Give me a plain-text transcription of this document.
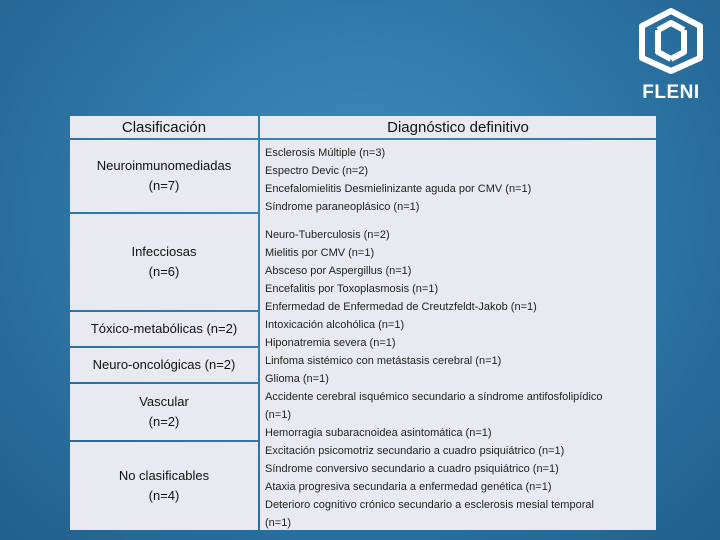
FLENI
Clasificación	Diagnóstico definitivo
Neuroinmunomediadas
(n=7)
Infecciosas
(n=6)
Tóxico-metabólicas (n=2)
Neuro-oncológicas (n=2)
Vascular
(n=2)
No clasificables
(n=4)
Esclerosis Múltiple (n=3)
Espectro Devic (n=2)
Encefalomielitis Desmielinizante aguda por CMV (n=1)
Síndrome paraneoplásico (n=1)
Neuro-Tuberculosis (n=2)
Mielitis por CMV (n=1)
Absceso por Aspergillus (n=1)
Encefalitis por Toxoplasmosis (n=1)
Enfermedad de Enfermedad de Creutzfeldt-Jakob (n=1)
Intoxicación alcohólica (n=1)
Hiponatremia severa (n=1)
Linfoma sistémico con metástasis cerebral (n=1)
Glioma (n=1)
Accidente cerebral isquémico secundario a síndrome antifosfolipídico
(n=1)
Hemorragia subaracnoidea asintomática (n=1)
Excitación psicomotriz secundario a cuadro psiquiátrico (n=1)
Síndrome conversivo secundario a cuadro psiquiátrico (n=1)
Ataxia progresiva secundaria a enfermedad genética (n=1)
Deterioro cognitivo crónico secundario a esclerosis mesial temporal
(n=1)
